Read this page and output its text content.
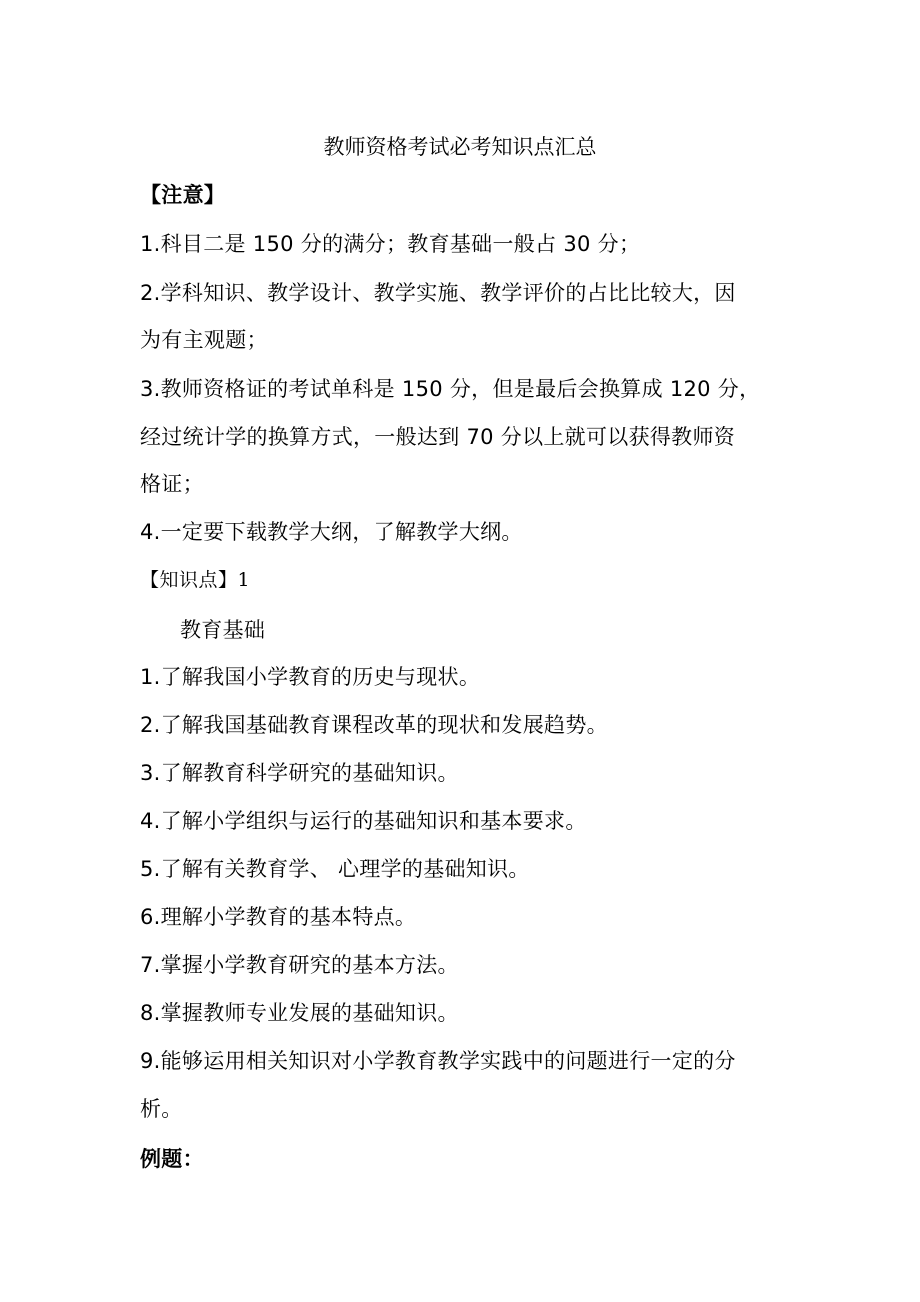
教师资格考试必考知识点汇总
【注意】
1.科目二是 150 分的满分；教育基础一般占 30 分；
2.学科知识、教学设计、教学实施、教学评价的占比比较大，因
为有主观题；
3.教师资格证的考试单科是 150 分，但是最后会换算成 120 分，
经过统计学的换算方式，一般达到 70 分以上就可以获得教师资
格证；
4.一定要下载教学大纲，了解教学大纲。
【知识点】1
教育基础
1.了解我国小学教育的历史与现状。
2.了解我国基础教育课程改革的现状和发展趋势。
3.了解教育科学研究的基础知识。
4.了解小学组织与运行的基础知识和基本要求。
5.了解有关教育学、 心理学的基础知识。
6.理解小学教育的基本特点。
7.掌握小学教育研究的基本方法。
8.掌握教师专业发展的基础知识。
9.能够运用相关知识对小学教育教学实践中的问题进行一定的分
析。
例题：
